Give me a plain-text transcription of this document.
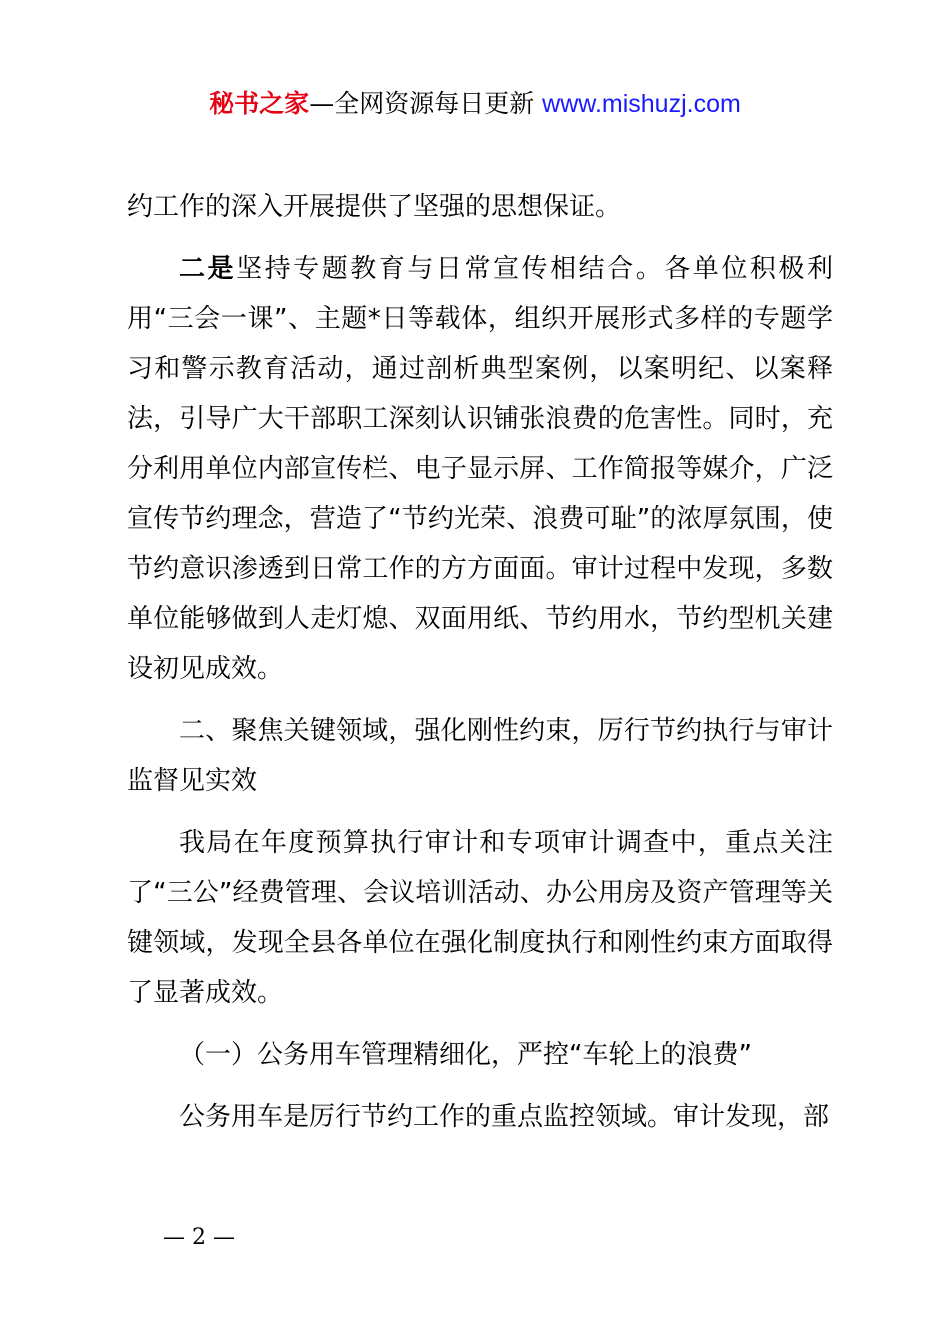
秘书之家—全网资源每日更新 www.mishuzj.com

约工作的深入开展提供了坚强的思想保证。

二是坚持专题教育与日常宣传相结合。各单位积极利用“三会一课”、主题*日等载体，组织开展形式多样的专题学习和警示教育活动，通过剖析典型案例，以案明纪、以案释法，引导广大干部职工深刻认识铺张浪费的危害性。同时，充分利用单位内部宣传栏、电子显示屏、工作简报等媒介，广泛宣传节约理念，营造了“节约光荣、浪费可耻”的浓厚氛围，使节约意识渗透到日常工作的方方面面。审计过程中发现，多数单位能够做到人走灯熄、双面用纸、节约用水，节约型机关建设初见成效。

二、聚焦关键领域，强化刚性约束，厉行节约执行与审计监督见实效

我局在年度预算执行审计和专项审计调查中，重点关注了“三公”经费管理、会议培训活动、办公用房及资产管理等关键领域，发现全县各单位在强化制度执行和刚性约束方面取得了显著成效。

（一）公务用车管理精细化，严控“车轮上的浪费”

公务用车是厉行节约工作的重点监控领域。审计发现，部

— 2 —
